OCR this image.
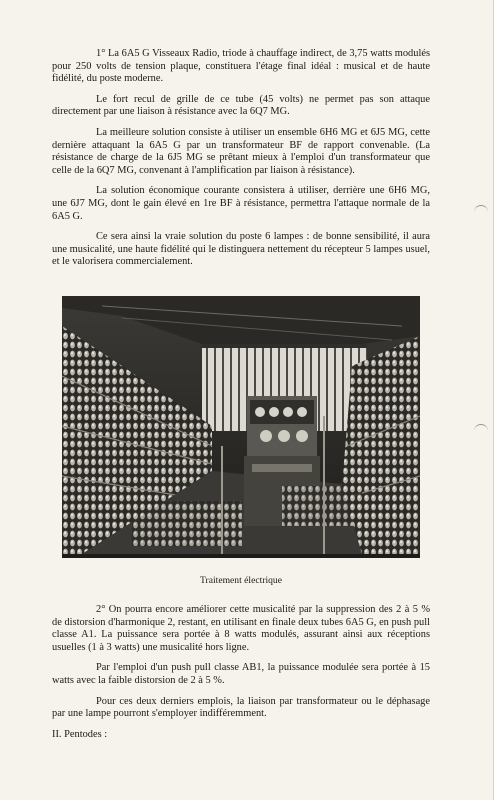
1° La 6A5 G Visseaux Radio, triode à chauffage indirect, de 3,75 watts modulés pour 250 volts de tension plaque, constituera l'étage final idéal : musical et de haute fidélité, du poste moderne.

Le fort recul de grille de ce tube (45 volts) ne permet pas son attaque directement par une liaison à résistance avec la 6Q7 MG.

La meilleure solution consiste à utiliser un ensemble 6H6 MG et 6J5 MG, cette dernière attaquant la 6A5 G par un transformateur BF de rapport convenable. (La résistance de charge de la 6J5 MG se prêtant mieux à l'emploi d'un transformateur que celle de la 6Q7 MG, convenant à l'amplification par liaison à résistance).

La solution économique courante consistera à utiliser, derrière une 6H6 MG, une 6J7 MG, dont le gain élevé en 1re BF à résistance, permettra l'attaque normale de la 6A5 G.

Ce sera ainsi la vraie solution du poste 6 lampes : de bonne sensibilité, il aura une musicalité, une haute fidélité qui le distinguera nettement du récepteur 5 lampes usuel, et le valorisera commercialement.

Traitement électrique

2° On pourra encore améliorer cette musicalité par la suppression des 2 à 5 % de distorsion d'harmonique 2, restant, en utilisant en finale deux tubes 6A5 G, en push pull classe A1. La puissance sera portée à 8 watts modulés, assurant ainsi aux réceptions usuelles (1 à 3 watts) une musicalité hors ligne.

Par l'emploi d'un push pull classe AB1, la puissance modulée sera portée à 15 watts avec la faible distorsion de 2 à 5 %.

Pour ces deux derniers emplois, la liaison par transformateur ou le déphasage par une lampe pourront s'employer indifféremment.

II. Pentodes :
